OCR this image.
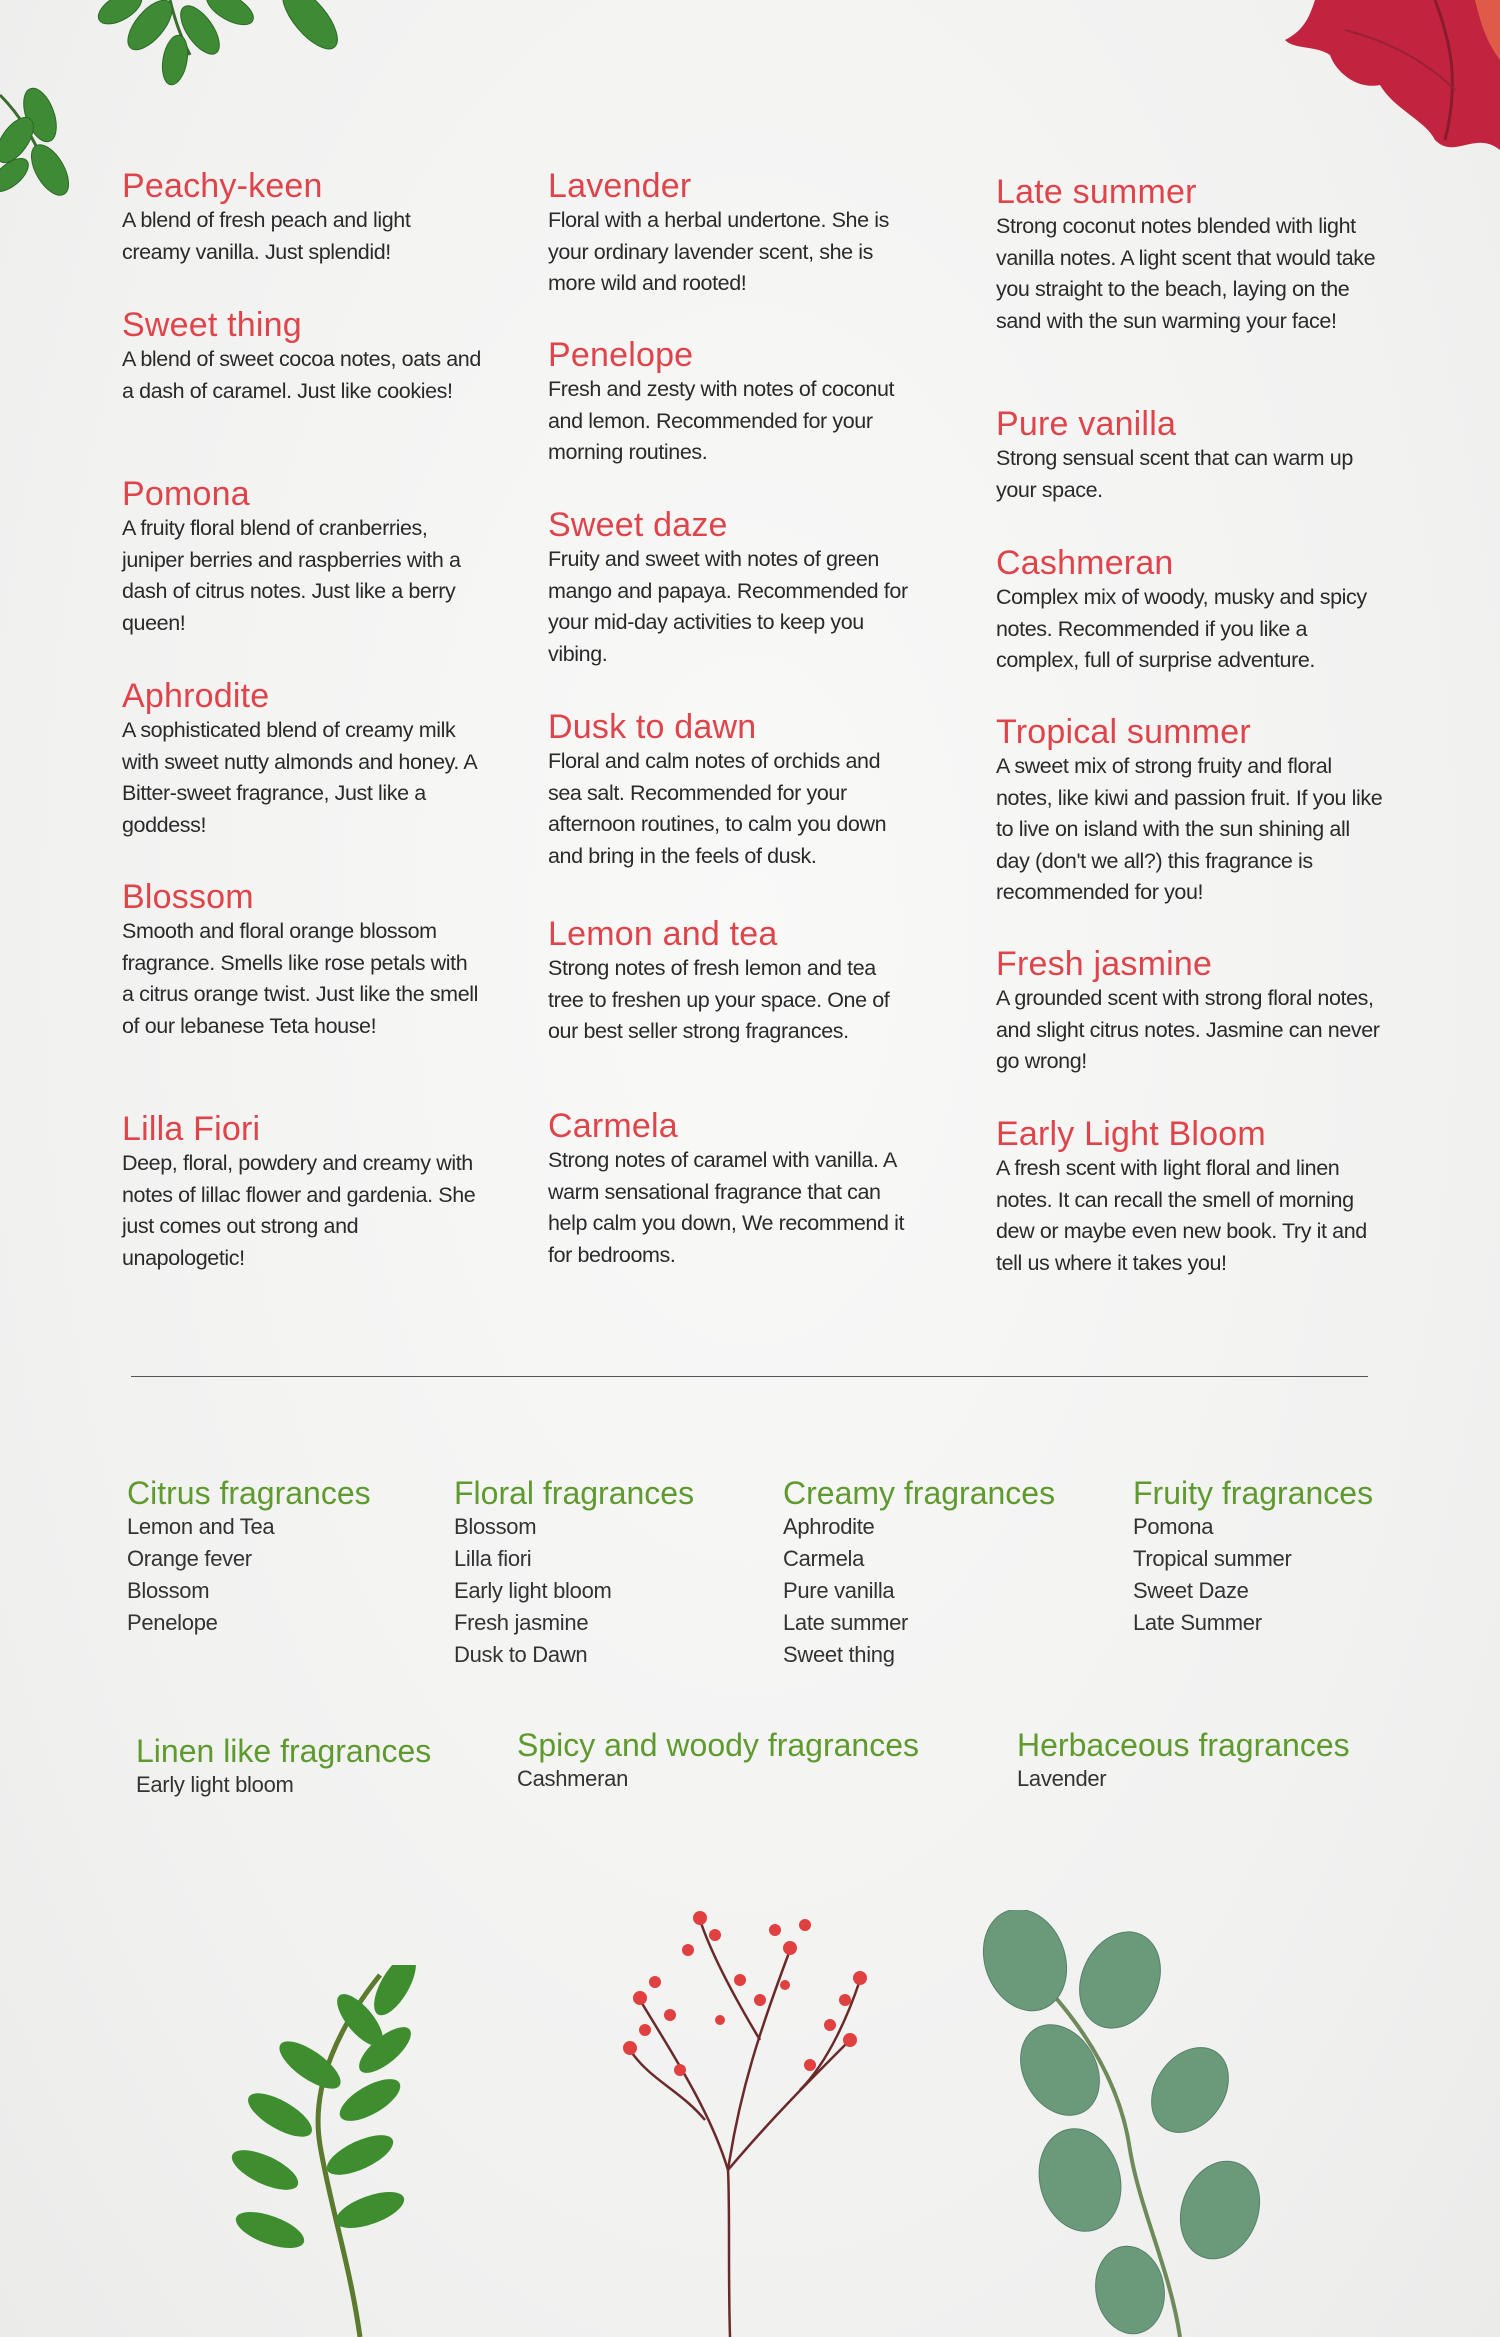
Peachy-keen

A blend of fresh peach and light creamy vanilla. Just splendid!

Sweet thing

A blend of sweet cocoa notes, oats and a dash of caramel. Just like cookies!

Pomona

A fruity floral blend of cranberries, juniper berries and raspberries with a dash of citrus notes. Just like a berry queen!

Aphrodite

A sophisticated blend of creamy milk with sweet nutty almonds and honey. A Bitter-sweet fragrance, Just like a goddess!

Blossom

Smooth and floral orange blossom fragrance. Smells like rose petals with a citrus orange twist. Just like the smell of our lebanese Teta house!

Lilla Fiori

Deep, floral, powdery and creamy with notes of lillac flower and gardenia. She just comes out strong and unapologetic!

Lavender

Floral with a herbal undertone. She is your ordinary lavender scent, she is more wild and rooted!

Penelope

Fresh and zesty with notes of coconut and lemon. Recommended for your morning routines.

Sweet daze

Fruity and sweet with notes of green mango and papaya. Recommended for your mid-day activities to keep you vibing.

Dusk to dawn

Floral and calm notes of orchids and sea salt. Recommended for your afternoon routines, to calm you down and bring in the feels of dusk.

Lemon and tea

Strong notes of fresh lemon and tea tree to freshen up your space. One of our best seller strong fragrances.

Carmela

Strong notes of caramel with vanilla. A warm sensational fragrance that can help calm you down, We recommend it for bedrooms.

Late summer

Strong coconut notes blended with light vanilla notes. A light scent that would take you straight to the beach, laying on the sand with the sun warming your face!

Pure vanilla

Strong sensual scent that can warm up your space.

Cashmeran

Complex mix of woody, musky and spicy notes. Recommended if you like a complex, full of surprise adventure.

Tropical summer

A sweet mix of strong fruity and floral notes, like kiwi and passion fruit. If you like to live on island with the sun shining all day (don't we all?) this fragrance is recommended for you!

Fresh jasmine

A grounded scent with strong floral notes, and slight citrus notes. Jasmine can never go wrong!

Early Light Bloom

A fresh scent with light floral and linen notes. It can recall the smell of morning dew or maybe even new book. Try it and tell us where it takes you!

Citrus fragrances
Lemon and Tea
Orange fever
Blossom
Penelope
Floral fragrances
Blossom
Lilla fiori
Early light bloom
Fresh jasmine
Dusk to Dawn
Creamy fragrances
Aphrodite
Carmela
Pure vanilla
Late summer
Sweet thing
Fruity fragrances
Pomona
Tropical summer
Sweet Daze
Late Summer
Linen like fragrances
Early light bloom
Spicy and woody fragrances
Cashmeran
Herbaceous fragrances
Lavender
